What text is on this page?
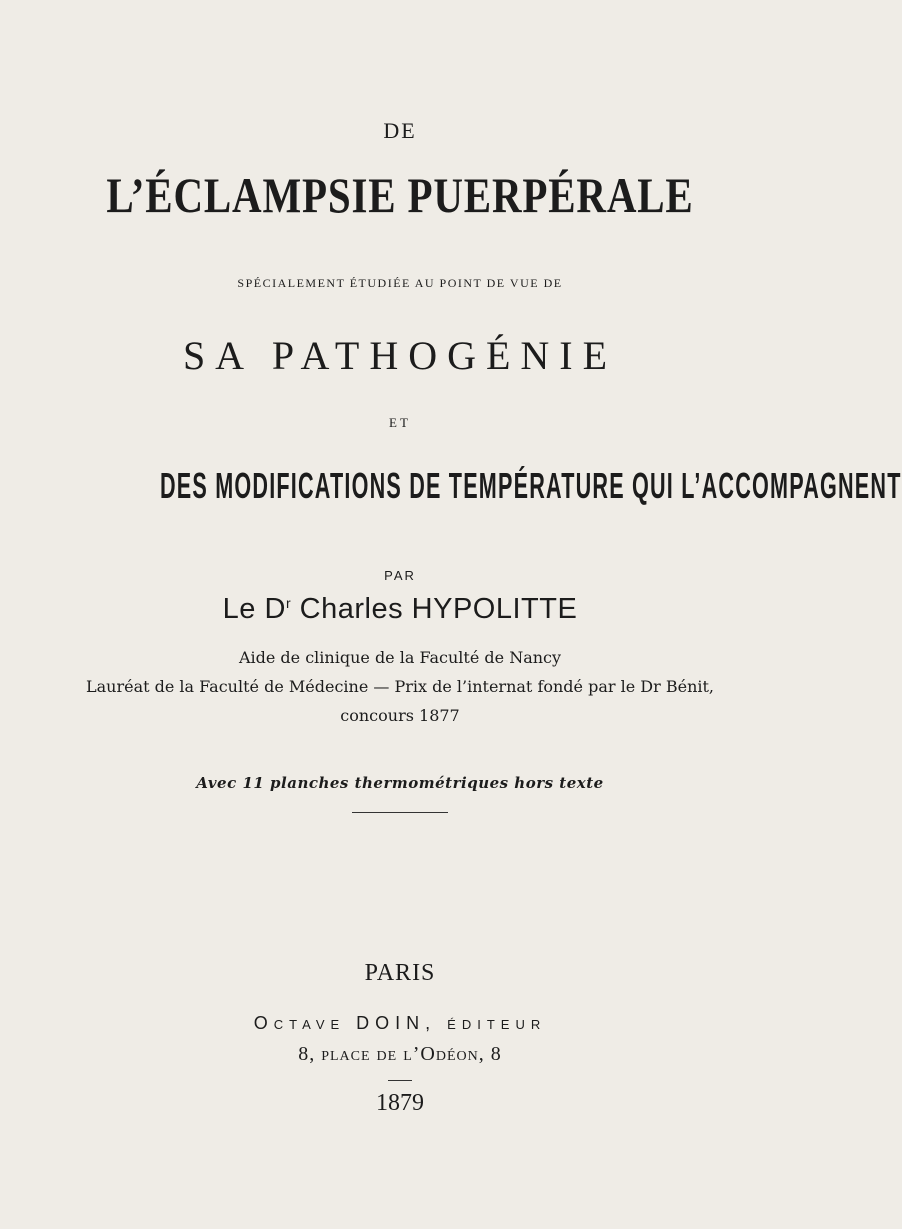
DE
L’ÉCLAMPSIE PUERPÉRALE
SPÉCIALEMENT ÉTUDIÉE AU POINT DE VUE DE
SA PATHOGÉNIE
ET
DES MODIFICATIONS DE TEMPÉRATURE QUI L’ACCOMPAGNENT
PAR
Le $D^r$ Charles HYPOLITTE
Aide de clinique de la Faculté de Nancy
Lauréat de la Faculté de Médecine — Prix de l’internat fondé par le Dr Bénit,
concours 1877
Avec 11 planches thermométriques hors texte
PARIS
Octave DOIN, éditeur
8, place de l’Odéon, 8
1879
